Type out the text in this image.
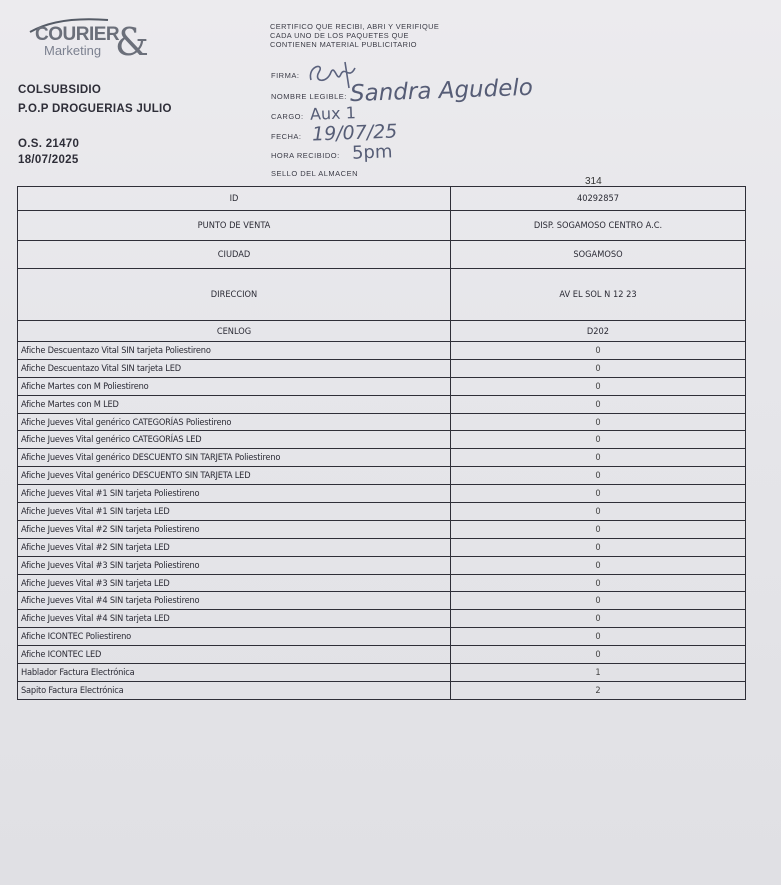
COURIER
Marketing &
COLSUBSIDIO
P.O.P DROGUERIAS JULIO
O.S. 21470
18/07/2025
CERTIFICO QUE RECIBI, ABRI Y VERIFIQUE CADA UNO DE LOS PAQUETES QUE CONTIENEN MATERIAL PUBLICITARIO
FIRMA:
NOMBRE LEGIBLE: Sandra Agudelo
CARGO: Aux 1
FECHA: 19/07/25
HORA RECIBIDO: 5pm
SELLO DEL ALMACEN
314
ID	40292857
PUNTO DE VENTA	DISP. SOGAMOSO CENTRO A.C.
CIUDAD	SOGAMOSO
DIRECCION	AV EL SOL N 12 23
CENLOG	D202
Afiche Descuentazo Vital SIN tarjeta Poliestireno	0
Afiche Descuentazo Vital SIN tarjeta LED	0
Afiche Martes con M Poliestireno	0
Afiche Martes con M LED	0
Afiche Jueves Vital genérico CATEGORÍAS Poliestireno	0
Afiche Jueves Vital genérico CATEGORÍAS LED	0
Afiche Jueves Vital genérico DESCUENTO SIN TARJETA Poliestireno	0
Afiche Jueves Vital genérico DESCUENTO SIN TARJETA LED	0
Afiche Jueves Vital #1 SIN tarjeta Poliestireno	0
Afiche Jueves Vital #1 SIN tarjeta LED	0
Afiche Jueves Vital #2 SIN tarjeta Poliestireno	0
Afiche Jueves Vital #2 SIN tarjeta LED	0
Afiche Jueves Vital #3 SIN tarjeta Poliestireno	0
Afiche Jueves Vital #3 SIN tarjeta LED	0
Afiche Jueves Vital #4 SIN tarjeta Poliestireno	0
Afiche Jueves Vital #4 SIN tarjeta LED	0
Afiche ICONTEC Poliestireno	0
Afiche ICONTEC LED	0
Hablador Factura Electrónica	1
Sapito Factura Electrónica	2
